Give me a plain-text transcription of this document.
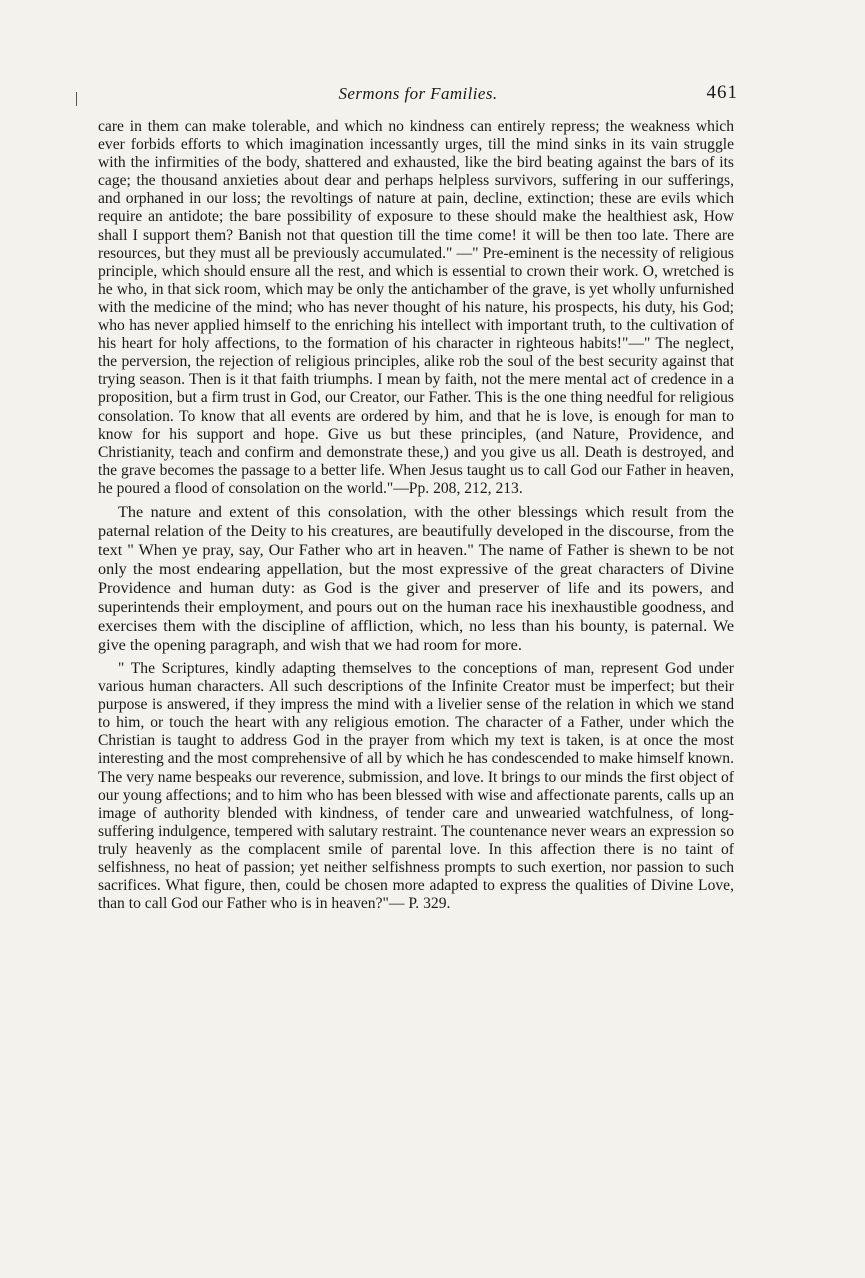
Sermons for Families.	461

care in them can make tolerable, and which no kindness can entirely repress; the weakness which ever forbids efforts to which imagination incessantly urges, till the mind sinks in its vain struggle with the infirmities of the body, shattered and exhausted, like the bird beating against the bars of its cage; the thousand anxieties about dear and perhaps helpless survivors, suffering in our sufferings, and orphaned in our loss; the revoltings of nature at pain, decline, extinction; these are evils which require an antidote; the bare possibility of exposure to these should make the healthiest ask, How shall I support them? Banish not that question till the time come! it will be then too late. There are resources, but they must all be previously accumulated." —" Pre-eminent is the necessity of religious principle, which should ensure all the rest, and which is essential to crown their work. O, wretched is he who, in that sick room, which may be only the antichamber of the grave, is yet wholly unfurnished with the medicine of the mind; who has never thought of his nature, his prospects, his duty, his God; who has never applied himself to the enriching his intellect with important truth, to the cultivation of his heart for holy affections, to the formation of his character in righteous habits!"—" The neglect, the perversion, the rejection of religious principles, alike rob the soul of the best security against that trying season. Then is it that faith triumphs. I mean by faith, not the mere mental act of credence in a proposition, but a firm trust in God, our Creator, our Father. This is the one thing needful for religious consolation. To know that all events are ordered by him, and that he is love, is enough for man to know for his support and hope. Give us but these principles, (and Nature, Providence, and Christianity, teach and confirm and demonstrate these,) and you give us all. Death is destroyed, and the grave becomes the passage to a better life. When Jesus taught us to call God our Father in heaven, he poured a flood of consolation on the world."—Pp. 208, 212, 213.

The nature and extent of this consolation, with the other blessings which result from the paternal relation of the Deity to his creatures, are beautifully developed in the discourse, from the text " When ye pray, say, Our Father who art in heaven." The name of Father is shewn to be not only the most endearing appellation, but the most expressive of the great characters of Divine Providence and human duty: as God is the giver and preserver of life and its powers, and superintends their employment, and pours out on the human race his inexhaustible goodness, and exercises them with the discipline of affliction, which, no less than his bounty, is paternal. We give the opening paragraph, and wish that we had room for more.

" The Scriptures, kindly adapting themselves to the conceptions of man, represent God under various human characters. All such descriptions of the Infinite Creator must be imperfect; but their purpose is answered, if they impress the mind with a livelier sense of the relation in which we stand to him, or touch the heart with any religious emotion. The character of a Father, under which the Christian is taught to address God in the prayer from which my text is taken, is at once the most interesting and the most comprehensive of all by which he has condescended to make himself known. The very name bespeaks our reverence, submission, and love. It brings to our minds the first object of our young affections; and to him who has been blessed with wise and affectionate parents, calls up an image of authority blended with kindness, of tender care and unwearied watchfulness, of long-suffering indulgence, tempered with salutary restraint. The countenance never wears an expression so truly heavenly as the complacent smile of parental love. In this affection there is no taint of selfishness, no heat of passion; yet neither selfishness prompts to such exertion, nor passion to such sacrifices. What figure, then, could be chosen more adapted to express the qualities of Divine Love, than to call God our Father who is in heaven?"— P. 329.
